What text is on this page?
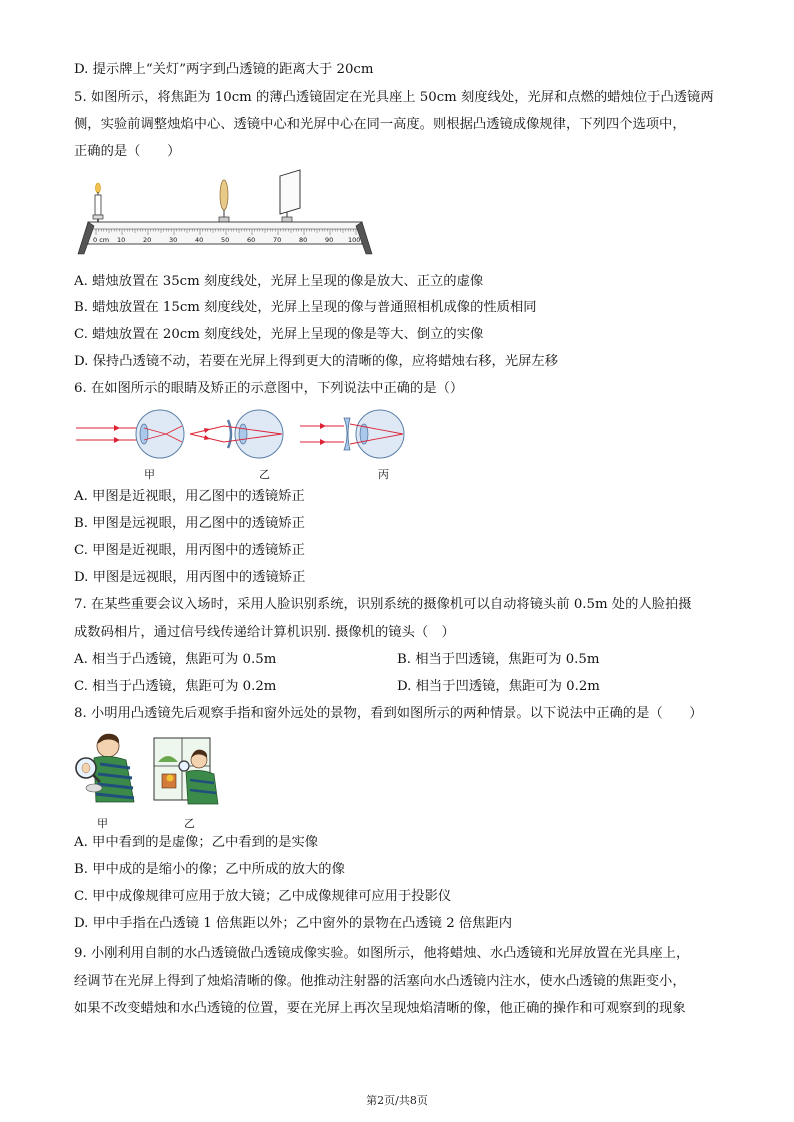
D. 提示牌上“关灯”两字到凸透镜的距离大于 20cm
5. 如图所示，将焦距为 10cm 的薄凸透镜固定在光具座上 50cm 刻度线处，光屏和点燃的蜡烛位于凸透镜两
侧，实验前调整烛焰中心、透镜中心和光屏中心在同一高度。则根据凸透镜成像规律，下列四个选项中，
正确的是（　　）
0 cm 10	20	30	40	50	60	70	80	90 100
A. 蜡烛放置在 35cm 刻度线处，光屏上呈现的像是放大、正立的虚像
B. 蜡烛放置在 15cm 刻度线处，光屏上呈现的像与普通照相机成像的性质相同
C. 蜡烛放置在 20cm 刻度线处，光屏上呈现的像是等大、倒立的实像
D. 保持凸透镜不动，若要在光屏上得到更大的清晰的像，应将蜡烛右移，光屏左移
6. 在如图所示的眼睛及矫正的示意图中，下列说法中正确的是（）
甲	乙	丙
A. 甲图是近视眼，用乙图中的透镜矫正
B. 甲图是远视眼，用乙图中的透镜矫正
C. 甲图是近视眼，用丙图中的透镜矫正
D. 甲图是远视眼，用丙图中的透镜矫正
7. 在某些重要会议入场时，采用人脸识别系统，识别系统的摄像机可以自动将镜头前 0.5m 处的人脸拍摄
成数码相片，通过信号线传递给计算机识别. 摄像机的镜头（　）
A. 相当于凸透镜，焦距可为 0.5m	B. 相当于凹透镜，焦距可为 0.5m
C. 相当于凸透镜，焦距可为 0.2m	D. 相当于凹透镜，焦距可为 0.2m
8. 小明用凸透镜先后观察手指和窗外远处的景物，看到如图所示的两种情景。以下说法中正确的是（　　）
甲	乙
A. 甲中看到的是虚像；乙中看到的是实像
B. 甲中成的是缩小的像；乙中所成的放大的像
C. 甲中成像规律可应用于放大镜；乙中成像规律可应用于投影仪
D. 甲中手指在凸透镜 1 倍焦距以外；乙中窗外的景物在凸透镜 2 倍焦距内
9. 小刚利用自制的水凸透镜做凸透镜成像实验。如图所示，他将蜡烛、水凸透镜和光屏放置在光具座上，
经调节在光屏上得到了烛焰清晰的像。他推动注射器的活塞向水凸透镜内注水，使水凸透镜的焦距变小，
如果不改变蜡烛和水凸透镜的位置，要在光屏上再次呈现烛焰清晰的像，他正确的操作和可观察到的现象
第2页/共8页
